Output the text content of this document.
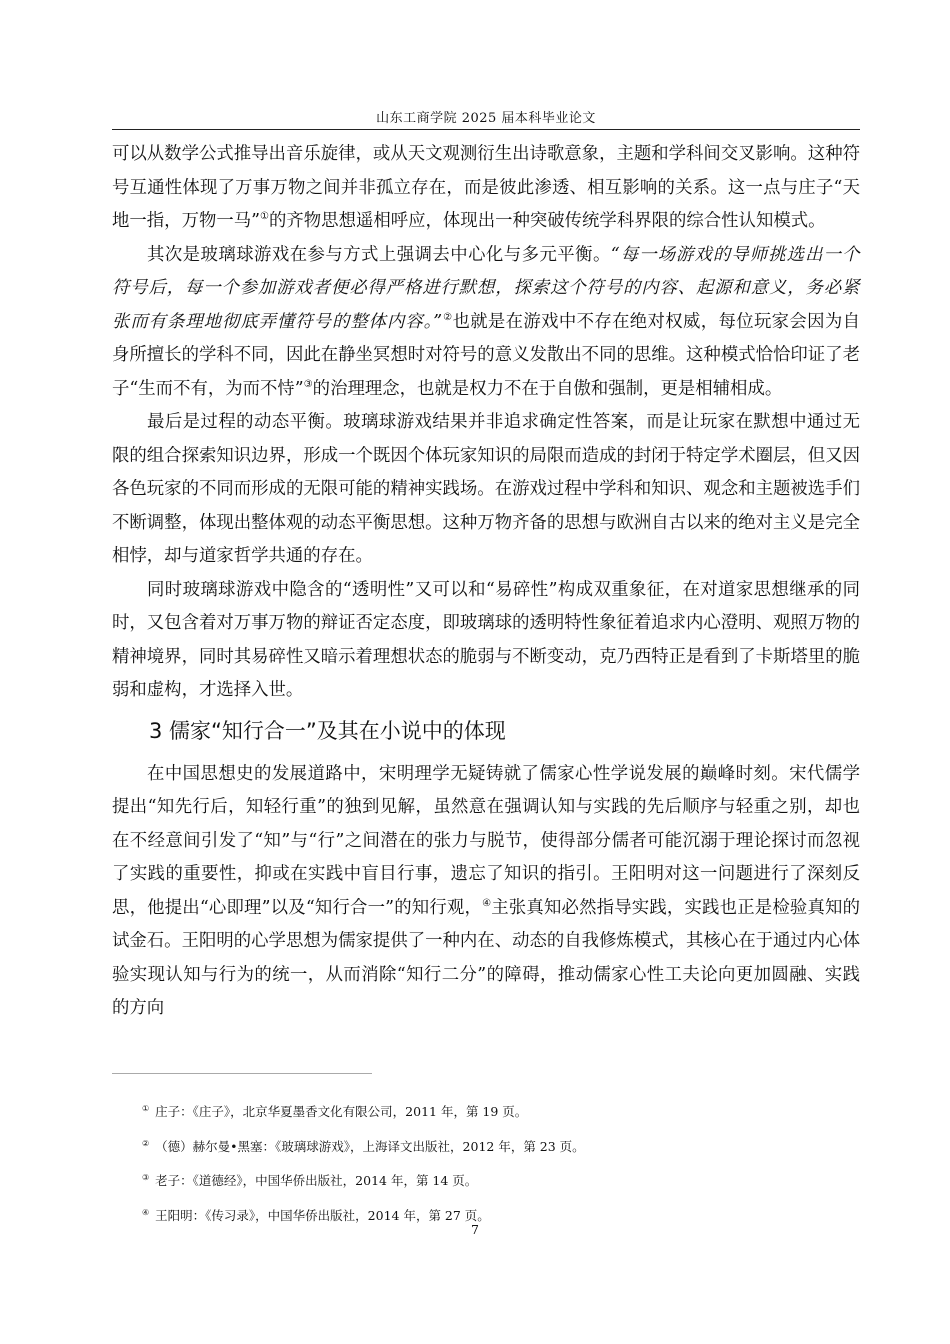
山东工商学院 2025 届本科毕业论文

可以从数学公式推导出音乐旋律，或从天文观测衍生出诗歌意象，主题和学科间交叉影响。这种符号互通性体现了万事万物之间并非孤立存在，而是彼此渗透、相互影响的关系。这一点与庄子“天地一指，万物一马”①的齐物思想遥相呼应，体现出一种突破传统学科界限的综合性认知模式。

其次是玻璃球游戏在参与方式上强调去中心化与多元平衡。“每一场游戏的导师挑选出一个符号后，每一个参加游戏者便必得严格进行默想，探索这个符号的内容、起源和意义，务必紧张而有条理地彻底弄懂符号的整体内容。”②也就是在游戏中不存在绝对权威，每位玩家会因为自身所擅长的学科不同，因此在静坐冥想时对符号的意义发散出不同的思维。这种模式恰恰印证了老子“生而不有，为而不恃”③的治理理念，也就是权力不在于自傲和强制，更是相辅相成。

最后是过程的动态平衡。玻璃球游戏结果并非追求确定性答案，而是让玩家在默想中通过无限的组合探索知识边界，形成一个既因个体玩家知识的局限而造成的封闭于特定学术圈层，但又因各色玩家的不同而形成的无限可能的精神实践场。在游戏过程中学科和知识、观念和主题被选手们不断调整，体现出整体观的动态平衡思想。这种万物齐备的思想与欧洲自古以来的绝对主义是完全相悖，却与道家哲学共通的存在。

同时玻璃球游戏中隐含的“透明性”又可以和“易碎性”构成双重象征，在对道家思想继承的同时，又包含着对万事万物的辩证否定态度，即玻璃球的透明特性象征着追求内心澄明、观照万物的精神境界，同时其易碎性又暗示着理想状态的脆弱与不断变动，克乃西特正是看到了卡斯塔里的脆弱和虚构，才选择入世。

3 儒家“知行合一”及其在小说中的体现

在中国思想史的发展道路中，宋明理学无疑铸就了儒家心性学说发展的巅峰时刻。宋代儒学提出“知先行后，知轻行重”的独到见解，虽然意在强调认知与实践的先后顺序与轻重之别，却也在不经意间引发了“知”与“行”之间潜在的张力与脱节，使得部分儒者可能沉溺于理论探讨而忽视了实践的重要性，抑或在实践中盲目行事，遗忘了知识的指引。王阳明对这一问题进行了深刻反思，他提出“心即理”以及“知行合一”的知行观，④主张真知必然指导实践，实践也正是检验真知的试金石。王阳明的心学思想为儒家提供了一种内在、动态的自我修炼模式，其核心在于通过内心体验实现认知与行为的统一，从而消除“知行二分”的障碍，推动儒家心性工夫论向更加圆融、实践的方向

① 庄子：《庄子》，北京华夏墨香文化有限公司，2011 年，第 19 页。

② （德）赫尔曼•黑塞：《玻璃球游戏》，上海译文出版社，2012 年，第 23 页。

③ 老子：《道德经》，中国华侨出版社，2014 年，第 14 页。

④ 王阳明：《传习录》，中国华侨出版社，2014 年，第 27 页。

7
